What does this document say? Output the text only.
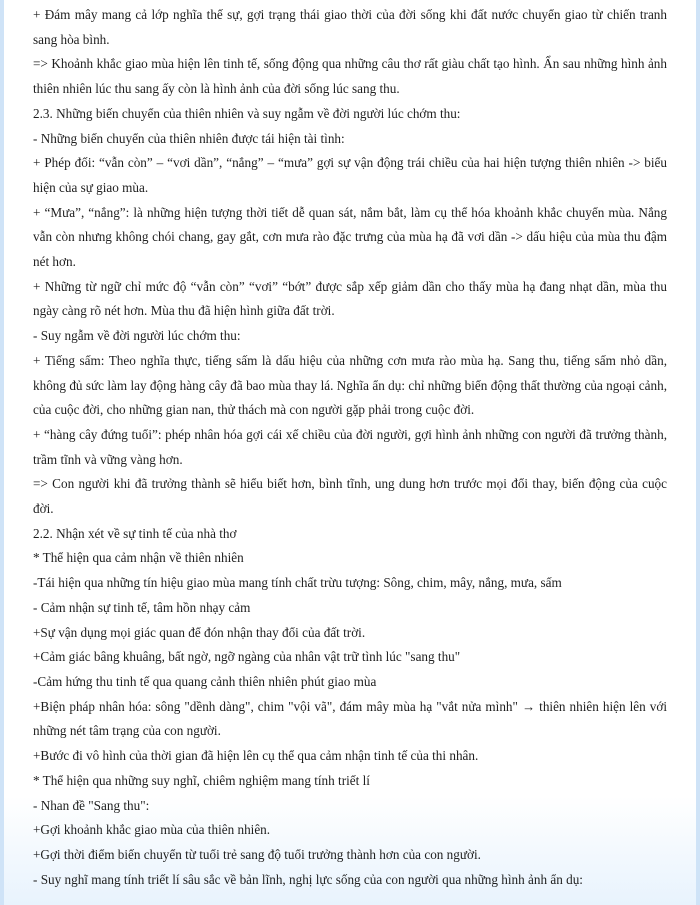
+ Đám mây mang cả lớp nghĩa thế sự, gợi trạng thái giao thời của đời sống khi đất nước chuyển giao từ chiến tranh sang hòa bình.

=> Khoảnh khắc giao mùa hiện lên tinh tế, sống động qua những câu thơ rất giàu chất tạo hình. Ẩn sau những hình ảnh thiên nhiên lúc thu sang ấy còn là hình ảnh của đời sống lúc sang thu.

2.3. Những biến chuyển của thiên nhiên và suy ngẫm về đời người lúc chớm thu:

- Những biến chuyển của thiên nhiên được tái hiện tài tình:

+ Phép đối: “vẫn còn” – “vơi dần”, “nắng” – “mưa” gợi sự vận động trái chiều của hai hiện tượng thiên nhiên -> biểu hiện của sự giao mùa.

+ “Mưa”, “nắng”: là những hiện tượng thời tiết dễ quan sát, nắm bắt, làm cụ thể hóa khoảnh khắc chuyển mùa. Nắng vẫn còn nhưng không chói chang, gay gắt, cơn mưa rào đặc trưng của mùa hạ đã vơi dần -> dấu hiệu của mùa thu đậm nét hơn.

+ Những từ ngữ chỉ mức độ “vẫn còn” “vơi” “bớt” được sắp xếp giảm dần cho thấy mùa hạ đang nhạt dần, mùa thu ngày càng rõ nét hơn. Mùa thu đã hiện hình giữa đất trời.

- Suy ngẫm về đời người lúc chớm thu:

+ Tiếng sấm: Theo nghĩa thực, tiếng sấm là dấu hiệu của những cơn mưa rào mùa hạ. Sang thu, tiếng sấm nhỏ dần, không đủ sức làm lay động hàng cây đã bao mùa thay lá. Nghĩa ẩn dụ: chỉ những biến động thất thường của ngoại cảnh, của cuộc đời, cho những gian nan, thử thách mà con người gặp phải trong cuộc đời.

+ “hàng cây đứng tuổi”: phép nhân hóa gợi cái xế chiều của đời người, gợi hình ảnh những con người đã trưởng thành, trầm tĩnh và vững vàng hơn.

=> Con người khi đã trưởng thành sẽ hiểu biết hơn, bình tĩnh, ung dung hơn trước mọi đổi thay, biến động của cuộc đời.

2.2. Nhận xét về sự tinh tế của nhà thơ

* Thể hiện qua cảm nhận về thiên nhiên

-Tái hiện qua những tín hiệu giao mùa mang tính chất trừu tượng: Sông, chim, mây, nắng, mưa, sấm

- Cảm nhận sự tinh tế, tâm hồn nhạy cảm

+Sự vận dụng mọi giác quan để đón nhận thay đổi của đất trời.

+Cảm giác bâng khuâng, bất ngờ, ngỡ ngàng của nhân vật trữ tình lúc "sang thu"

-Cảm hứng thu tinh tế qua quang cảnh thiên nhiên phút giao mùa

+Biện pháp nhân hóa: sông "dềnh dàng", chim "vội vã", đám mây mùa hạ "vắt nửa mình" → thiên nhiên hiện lên với những nét tâm trạng của con người.

+Bước đi vô hình của thời gian đã hiện lên cụ thể qua cảm nhận tinh tế của thi nhân.

* Thể hiện qua những suy nghĩ, chiêm nghiệm mang tính triết lí

- Nhan đề "Sang thu":

+Gợi khoảnh khắc giao mùa của thiên nhiên.

+Gợi thời điểm biến chuyển từ tuổi trẻ sang độ tuổi trưởng thành hơn của con người.

- Suy nghĩ mang tính triết lí sâu sắc về bản lĩnh, nghị lực sống của con người qua những hình ảnh ẩn dụ:
